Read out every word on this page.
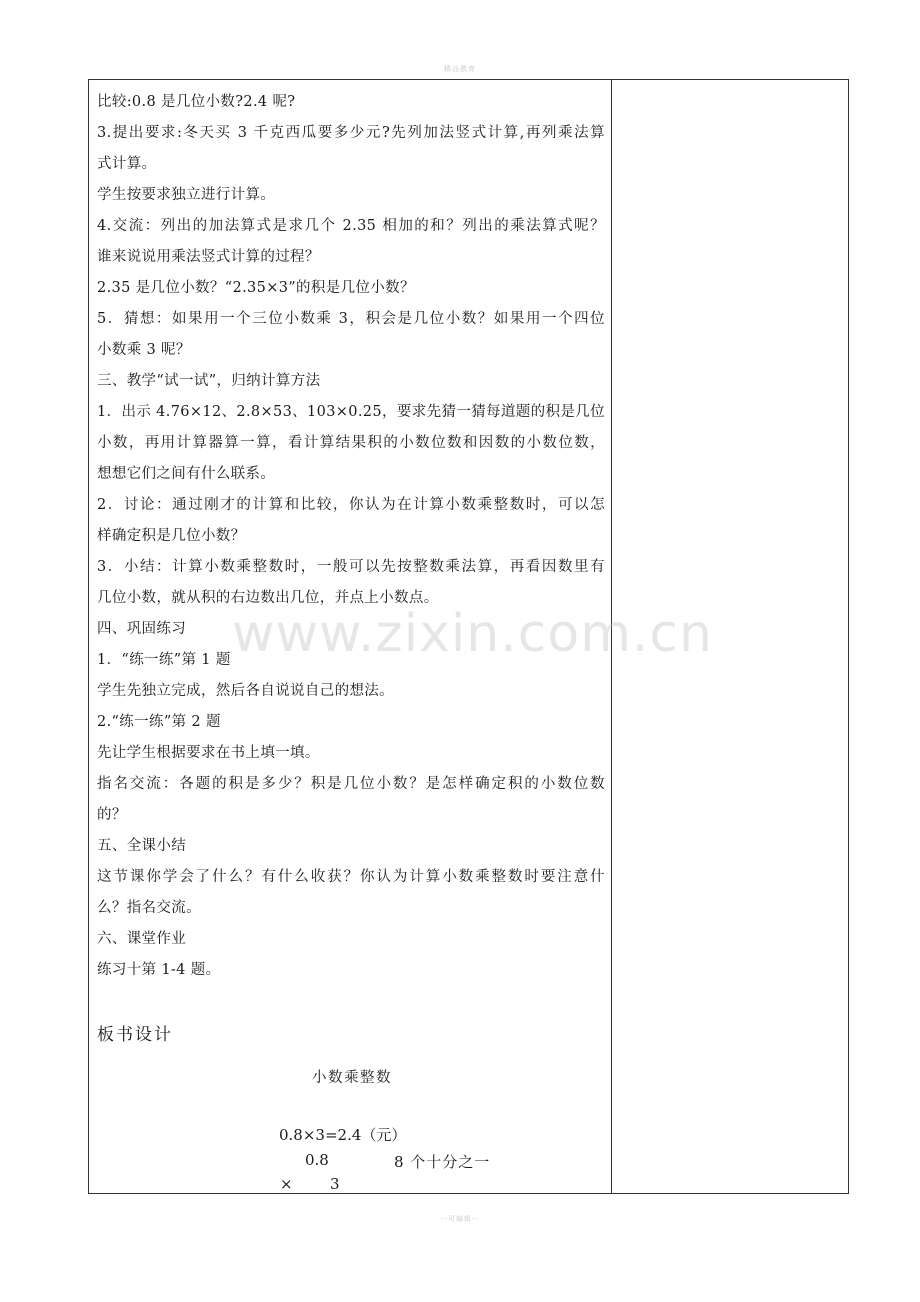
精品教育
比较:0.8 是几位小数?2.4 呢?
3.提出要求:冬天买 3 千克西瓜要多少元?先列加法竖式计算,再列乘法算
式计算。
学生按要求独立进行计算。
4.交流：列出的加法算式是求几个 2.35 相加的和？列出的乘法算式呢？
谁来说说用乘法竖式计算的过程？
2.35 是几位小数？“2.35×3”的积是几位小数？
5．猜想：如果用一个三位小数乘 3，积会是几位小数？如果用一个四位
小数乘 3 呢？
三、教学“试一试”，归纳计算方法
1．出示 4.76×12、2.8×53、103×0.25，要求先猜一猜每道题的积是几位
小数，再用计算器算一算，看计算结果积的小数位数和因数的小数位数，
想想它们之间有什么联系。
2．讨论：通过刚才的计算和比较，你认为在计算小数乘整数时，可以怎
样确定积是几位小数？
3．小结：计算小数乘整数时，一般可以先按整数乘法算，再看因数里有
几位小数，就从积的右边数出几位，并点上小数点。
四、巩固练习
1．“练一练”第 1 题
学生先独立完成，然后各自说说自己的想法。
2.“练一练”第 2 题
先让学生根据要求在书上填一填。
指名交流：各题的积是多少？积是几位小数？是怎样确定积的小数位数
的？
五、全课小结
这节课你学会了什么？有什么收获？你认为计算小数乘整数时要注意什
么？指名交流。
六、课堂作业
练习十第 1-4 题。
www.zixin.com.cn
板书设计
小数乘整数
0.8×3=2.4（元）
0.8	8 个十分之一
× 3
--可编辑--
